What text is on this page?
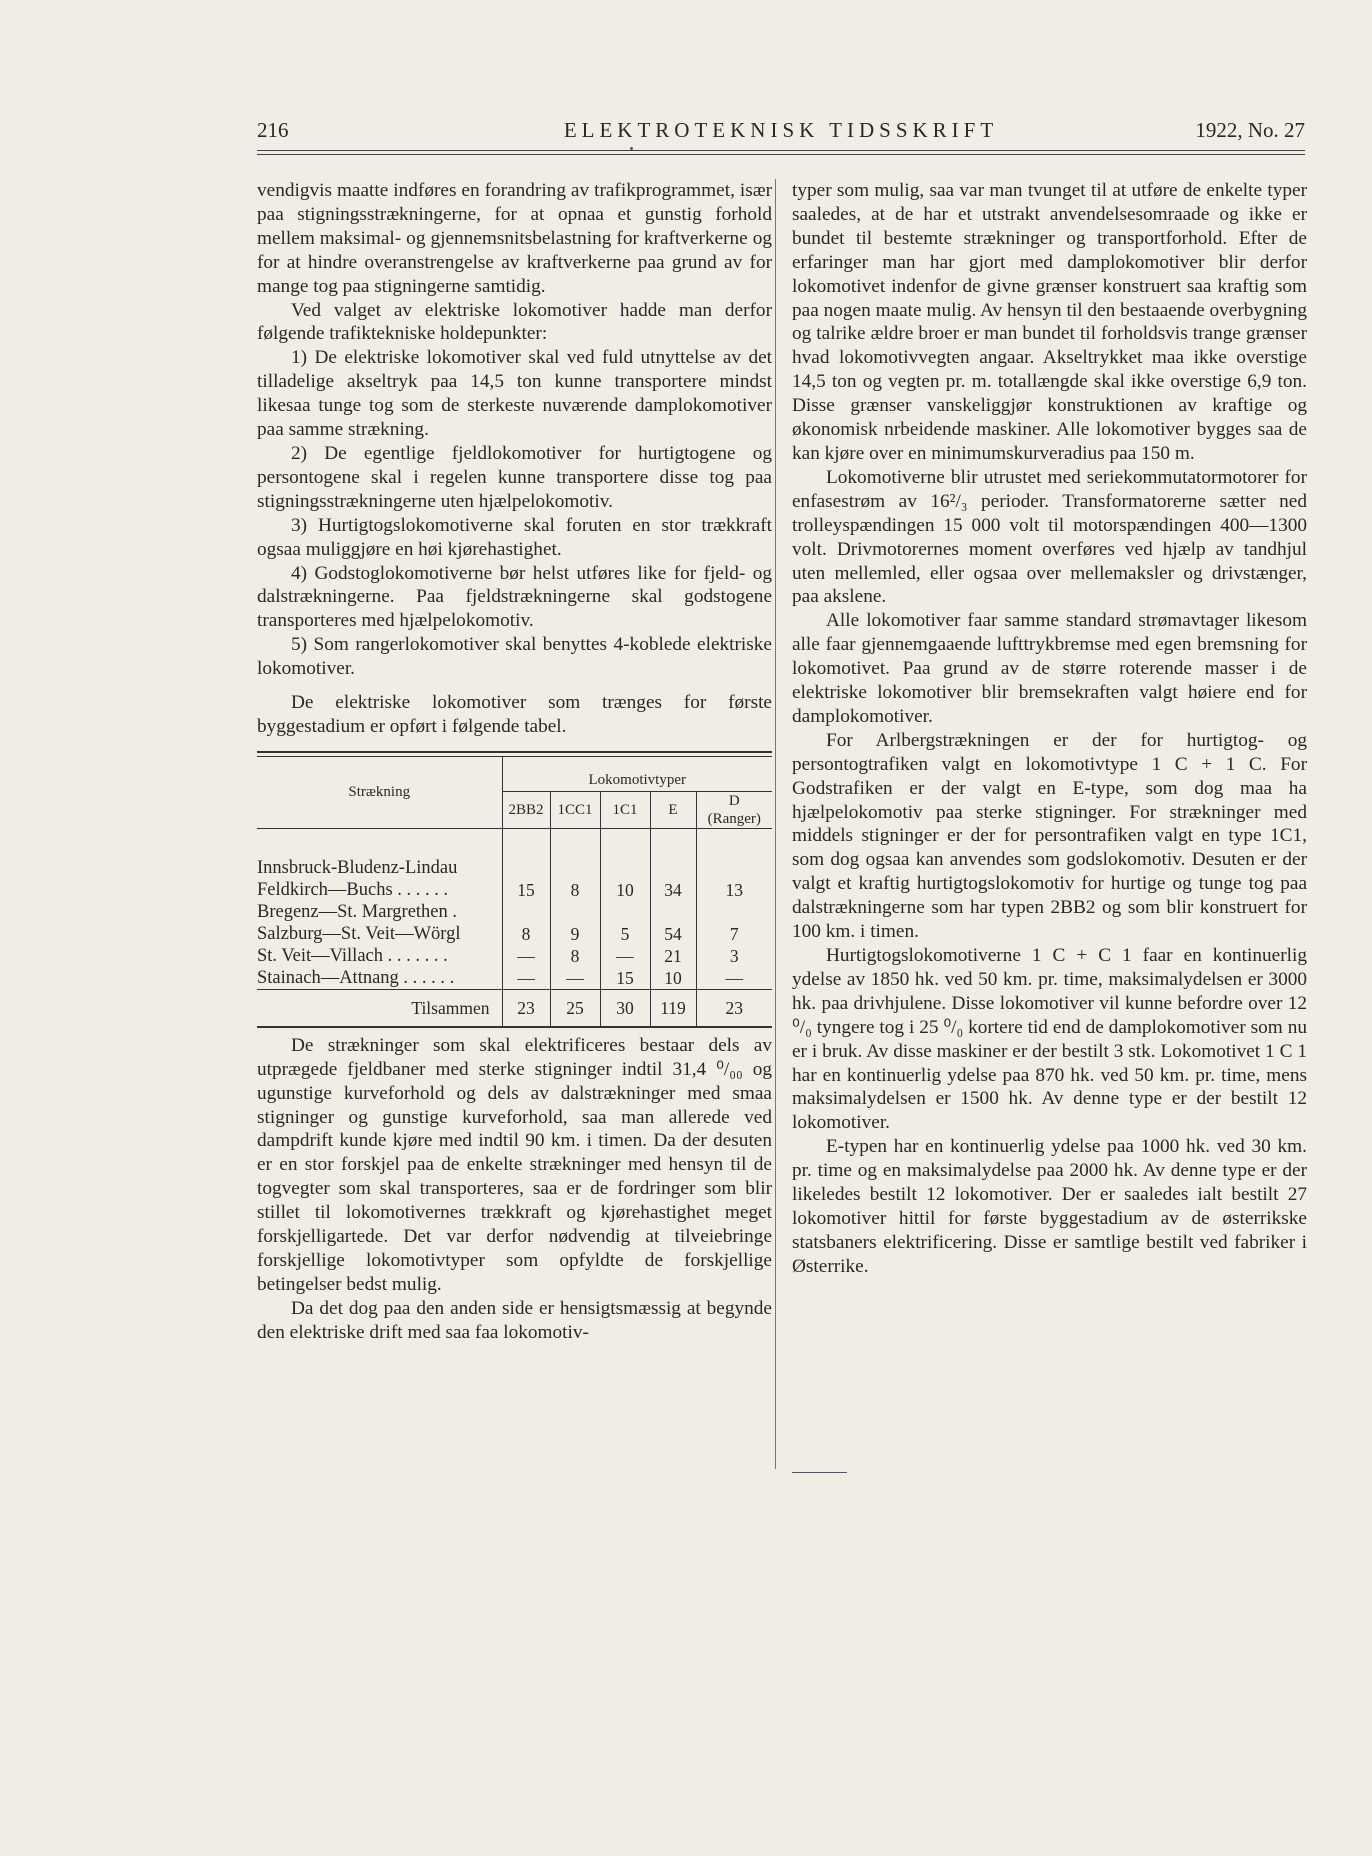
216	ELEKTROTEKNISK TIDSSKRIFT	1922, No. 27

vendigvis maatte indføres en forandring av trafikprogrammet, især paa stigningsstrækningerne, for at opnaa et gunstig forhold mellem maksimal- og gjennemsnitsbelastning for kraftverkerne og for at hindre overanstrengelse av kraftverkerne paa grund av for mange tog paa stigningerne samtidig.

Ved valget av elektriske lokomotiver hadde man derfor følgende trafiktekniske holdepunkter:

1) De elektriske lokomotiver skal ved fuld utnyttelse av det tilladelige akseltryk paa 14,5 ton kunne transportere mindst likesaa tunge tog som de sterkeste nuværende damplokomotiver paa samme strækning.

2) De egentlige fjeldlokomotiver for hurtigtogene og persontogene skal i regelen kunne transportere disse tog paa stigningsstrækningerne uten hjælpelokomotiv.

3) Hurtigtogslokomotiverne skal foruten en stor trækkraft ogsaa muliggjøre en høi kjørehastighet.

4) Godstoglokomotiverne bør helst utføres like for fjeld- og dalstrækningerne. Paa fjeldstrækningerne skal godstogene transporteres med hjælpelokomotiv.

5) Som rangerlokomotiver skal benyttes 4-koblede elektriske lokomotiver.

De elektriske lokomotiver som trænges for første byggestadium er opført i følgende tabel.

Strækning	Lokomotivtyper				
	2BB2	1CC1	1C1	E	D
(Ranger)
Innsbruck-Bludenz-Lindau					
Feldkirch—Buchs . . . . . .	15	8	10	34	13
Bregenz—St. Margrethen .					
Salzburg—St. Veit—Wörgl	8	9	5	54	7
St. Veit—Villach . . . . . . .	—	8	—	21	3
Stainach—Attnang . . . . . .	—	—	15	10	—
Tilsammen	23	25	30	119	23

De strækninger som skal elektrificeres bestaar dels av utprægede fjeldbaner med sterke stigninger indtil 31,4 ⁰/₀₀ og ugunstige kurveforhold og dels av dalstrækninger med smaa stigninger og gunstige kurveforhold, saa man allerede ved dampdrift kunde kjøre med indtil 90 km. i timen. Da der desuten er en stor forskjel paa de enkelte strækninger med hensyn til de togvegter som skal transporteres, saa er de fordringer som blir stillet til lokomotivernes trækkraft og kjørehastighet meget forskjelligartede. Det var derfor nødvendig at tilveiebringe forskjellige lokomotivtyper som opfyldte de forskjellige betingelser bedst mulig.

Da det dog paa den anden side er hensigtsmæssig at begynde den elektriske drift med saa faa lokomotiv-

typer som mulig, saa var man tvunget til at utføre de enkelte typer saaledes, at de har et utstrakt anvendelsesomraade og ikke er bundet til bestemte strækninger og transportforhold. Efter de erfaringer man har gjort med damplokomotiver blir derfor lokomotivet indenfor de givne grænser konstruert saa kraftig som paa nogen maate mulig. Av hensyn til den bestaaende overbygning og talrike ældre broer er man bundet til forholdsvis trange grænser hvad lokomotivvegten angaar. Akseltrykket maa ikke overstige 14,5 ton og vegten pr. m. totallængde skal ikke overstige 6,9 ton. Disse grænser vanskeliggjør konstruktionen av kraftige og økonomisk nrbeidende maskiner. Alle lokomotiver bygges saa de kan kjøre over en minimumskurveradius paa 150 m.

Lokomotiverne blir utrustet med seriekommutatormotorer for enfasestrøm av 16²/₃ perioder. Transformatorerne sætter ned trolleyspændingen 15 000 volt til motorspændingen 400—1300 volt. Drivmotorernes moment overføres ved hjælp av tandhjul uten mellemled, eller ogsaa over mellemaksler og drivstænger, paa akslene.

Alle lokomotiver faar samme standard strømavtager likesom alle faar gjennemgaaende lufttrykbremse med egen bremsning for lokomotivet. Paa grund av de større roterende masser i de elektriske lokomotiver blir bremsekraften valgt høiere end for damplokomotiver.

For Arlbergstrækningen er der for hurtigtog- og persontogtrafiken valgt en lokomotivtype 1 C + 1 C. For Godstrafiken er der valgt en E-type, som dog maa ha hjælpelokomotiv paa sterke stigninger. For strækninger med middels stigninger er der for persontrafiken valgt en type 1C1, som dog ogsaa kan anvendes som godslokomotiv. Desuten er der valgt et kraftig hurtigtogslokomotiv for hurtige og tunge tog paa dalstrækningerne som har typen 2BB2 og som blir konstruert for 100 km. i timen.

Hurtigtogslokomotiverne 1 C + C 1 faar en kontinuerlig ydelse av 1850 hk. ved 50 km. pr. time, maksimalydelsen er 3000 hk. paa drivhjulene. Disse lokomotiver vil kunne befordre over 12 ⁰/₀ tyngere tog i 25 ⁰/₀ kortere tid end de damplokomotiver som nu er i bruk. Av disse maskiner er der bestilt 3 stk. Lokomotivet 1 C 1 har en kontinuerlig ydelse paa 870 hk. ved 50 km. pr. time, mens maksimalydelsen er 1500 hk. Av denne type er der bestilt 12 lokomotiver.

E-typen har en kontinuerlig ydelse paa 1000 hk. ved 30 km. pr. time og en maksimalydelse paa 2000 hk. Av denne type er der likeledes bestilt 12 lokomotiver. Der er saaledes ialt bestilt 27 lokomotiver hittil for første byggestadium av de østerrikske statsbaners elektrificering. Disse er samtlige bestilt ved fabriker i Østerrike.
